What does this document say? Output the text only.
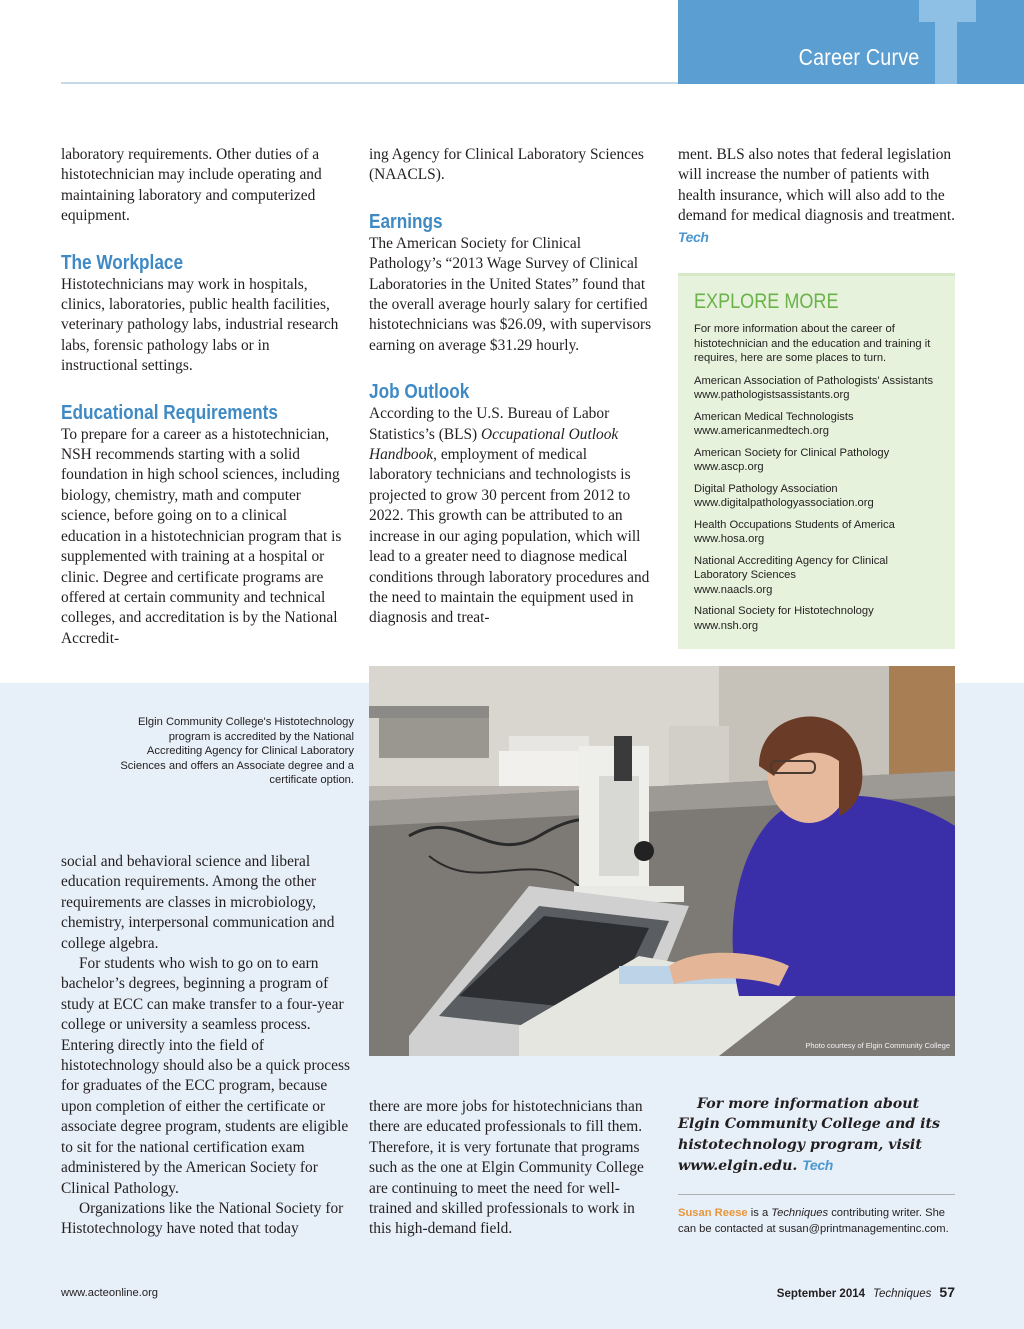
Career Curve

laboratory requirements. Other duties of a histotechnician may include operating and maintaining laboratory and computerized equipment.

The Workplace

Histotechnicians may work in hospitals, clinics, laboratories, public health facilities, veterinary pathology labs, industrial research labs, forensic pathology labs or in instructional settings.

Educational Requirements

To prepare for a career as a histotechnician, NSH recommends starting with a solid foundation in high school sciences, including biology, chemistry, math and computer science, before going on to a clinical education in a histotechnician program that is supplemented with training at a hospital or clinic. Degree and certificate programs are offered at certain community and technical colleges, and accreditation is by the National Accredit-

ing Agency for Clinical Laboratory Sciences (NAACLS).

Earnings

The American Society for Clinical Pathology’s “2013 Wage Survey of Clinical Laboratories in the United States” found that the overall average hourly salary for certified histotechnicians was $26.09, with supervisors earning on average $31.29 hourly.

Job Outlook

According to the U.S. Bureau of Labor Statistics’s (BLS) Occupational Outlook Handbook, employment of medical laboratory technicians and technologists is projected to grow 30 percent from 2012 to 2022. This growth can be attributed to an increase in our aging population, which will lead to a greater need to diagnose medical conditions through laboratory procedures and the need to maintain the equipment used in diagnosis and treat-

ment. BLS also notes that federal legislation will increase the number of patients with health insurance, which will also add to the demand for medical diagnosis and treatment. Tech

EXPLORE MORE

For more information about the career of histotechnician and the education and training it requires, here are some places to turn.

American Association of Pathologists' Assistants
www.pathologistsassistants.org
American Medical Technologists
www.americanmedtech.org
American Society for Clinical Pathology
www.ascp.org
Digital Pathology Association
www.digitalpathologyassociation.org
Health Occupations Students of America
www.hosa.org
National Accrediting Agency for Clinical Laboratory Sciences
www.naacls.org
National Society for Histotechnology
www.nsh.org
Elgin Community College's Histotechnology program is accredited by the National Accrediting Agency for Clinical Laboratory Sciences and offers an Associate degree and a certificate option.
Photo courtesy of Elgin Community College

social and behavioral science and liberal education requirements. Among the other requirements are classes in microbiology, chemistry, interpersonal communication and college algebra.

For students who wish to go on to earn bachelor’s degrees, beginning a program of study at ECC can make transfer to a four-year college or university a seamless process. Entering directly into the field of histotechnology should also be a quick process for graduates of the ECC program, because upon completion of either the certificate or associate degree program, students are eligible to sit for the national certification exam administered by the American Society for Clinical Pathology.

Organizations like the National Society for Histotechnology have noted that today

there are more jobs for histotechnicians than there are educated professionals to fill them. Therefore, it is very fortunate that programs such as the one at Elgin Community College are continuing to meet the need for well-trained and skilled professionals to work in this high-demand field.

For more information about
Elgin Community College and its histotechnology program, visit www.elgin.edu. Tech
Susan Reese is a Techniques contributing writer. She can be contacted at susan@printmanagementinc.com.
www.acteonline.org	September 2014 Techniques 57
